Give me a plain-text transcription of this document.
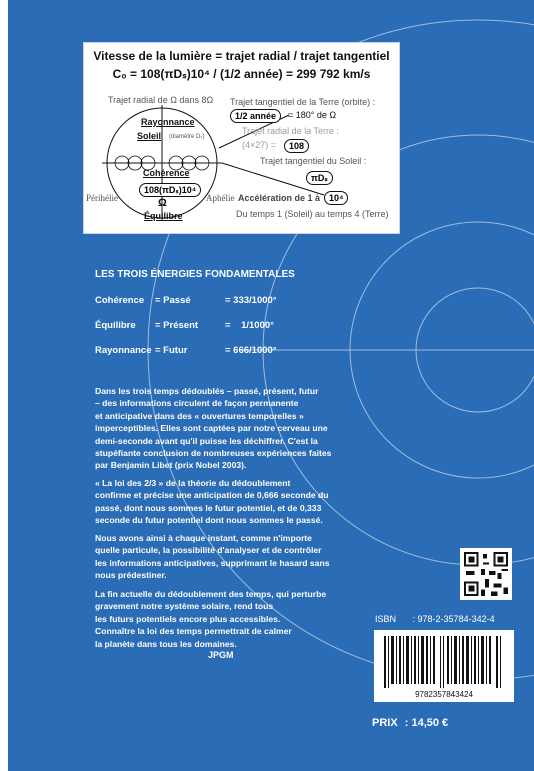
Vitesse de la lumière = trajet radial / trajet tangentiel
C₀ = 108(πDₛ)10⁴ / (1/2 année) = 299 792 km/s
Trajet radial de Ω dans 8Ω
Rayonnance
Soleil (diamètre Dₛ)
Cohérence
108(πDₛ)10⁴
Ω
Périhélie	Aphélie
Équilibre
Trajet tangentiel de la Terre (orbite) :
1/2 année	= 180° de Ω
Trajet radial de la Terre :
(4×27) =	108
Trajet tangentiel du Soleil :
πDₛ
Accélération de 1 à 10⁴
Du temps 1 (Soleil) au temps 4 (Terre)
LES TROIS ÉNERGIES FONDAMENTALES
Cohérence = Passé	= 333/1000°
Équilibre = Présent	=    1/1000°
Rayonnance = Futur	= 666/1000°

Dans les trois temps dédoublés – passé, présent, futur
– des informations circulent de façon permanente
et anticipative dans des « ouvertures temporelles »
imperceptibles. Elles sont captées par notre cerveau une
demi-seconde avant qu'il puisse les déchiffrer. C'est la
stupéfiante conclusion de nombreuses expériences faites
par Benjamin Libet (prix Nobel 2003).

« La loi des 2/3 » de la théorie du dédoublement
confirme et précise une anticipation de 0,666 seconde du
passé, dont nous sommes le futur potentiel, et de 0,333
seconde du futur potentiel dont nous sommes le passé.

Nous avons ainsi à chaque instant, comme n'importe
quelle particule, la possibilité d'analyser et de contrôler
les informations anticipatives, supprimant le hasard sans
nous prédestiner.

La fin actuelle du dédoublement des temps, qui perturbe
gravement notre système solaire, rend tous
les futurs potentiels encore plus accessibles.
Connaître la loi des temps permettrait de calmer
la planète dans tous les domaines.

JPGM
ISBN : 978-2-35784-342-4
9782357843424
PRIX : 14,50 €
